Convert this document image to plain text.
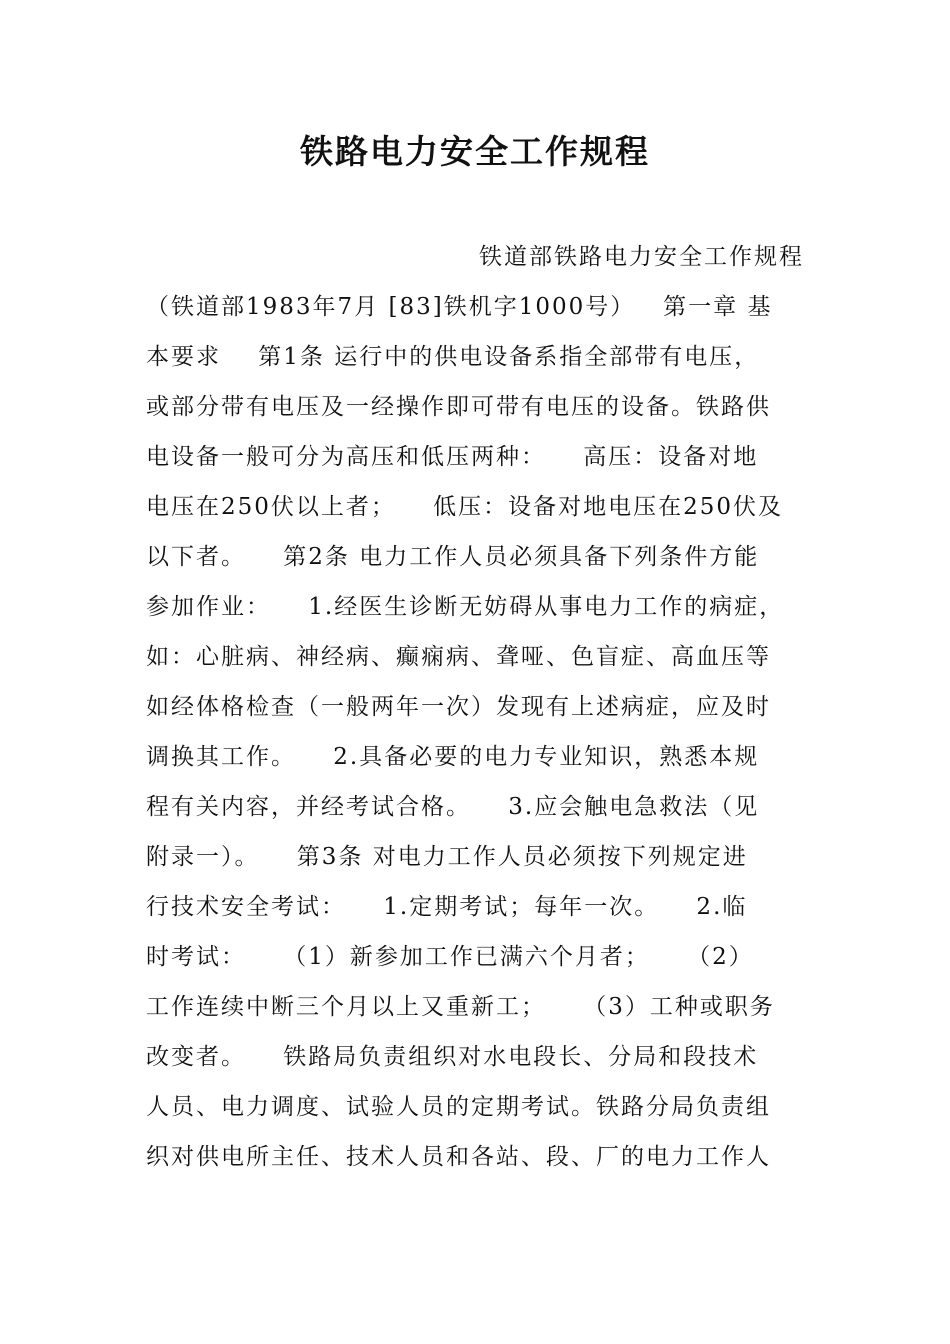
铁路电力安全工作规程
铁道部铁路电力安全工作规程
（铁道部1983年7月 [83]铁机字1000号）   第一章 基
本要求    第1条 运行中的供电设备系指全部带有电压，
或部分带有电压及一经操作即可带有电压的设备。铁路供
电设备一般可分为高压和低压两种：    高压：设备对地
电压在250伏以上者；    低压：设备对地电压在250伏及
以下者。    第2条 电力工作人员必须具备下列条件方能
参加作业：    1.经医生诊断无妨碍从事电力工作的病症，
如：心脏病、神经病、癫痫病、聋哑、色盲症、高血压等
如经体格检查（一般两年一次）发现有上述病症，应及时
调换其工作。    2.具备必要的电力专业知识，熟悉本规
程有关内容，并经考试合格。    3.应会触电急救法（见
附录一）。    第3条 对电力工作人员必须按下列规定进
行技术安全考试：    1.定期考试；每年一次。    2.临
时考试：    （1）新参加工作已满六个月者；    （2）
工作连续中断三个月以上又重新工；    （3）工种或职务
改变者。    铁路局负责组织对水电段长、分局和段技术
人员、电力调度、试验人员的定期考试。铁路分局负责组
织对供电所主任、技术人员和各站、段、厂的电力工作人
